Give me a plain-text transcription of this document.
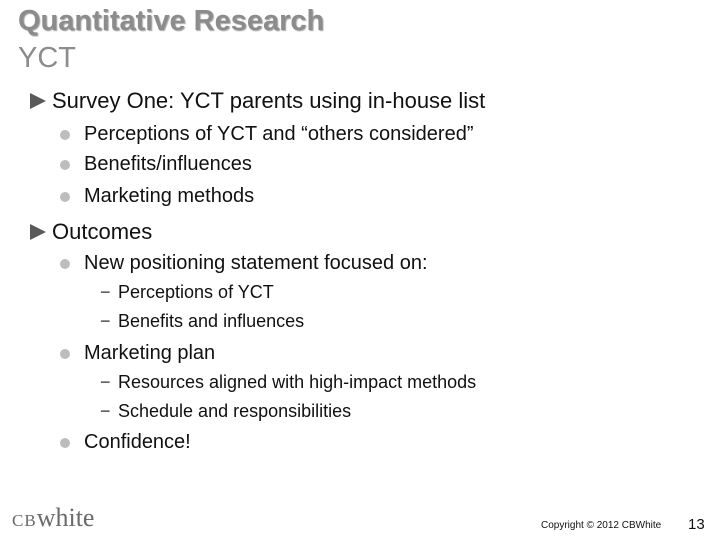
Quantitative Research
YCT
Survey One: YCT parents using in-house list
Perceptions of YCT and “others considered”
Benefits/influences
Marketing methods
Outcomes
New positioning statement focused on:
− Perceptions of YCT
− Benefits and influences
Marketing plan
− Resources aligned with high-impact methods
− Schedule and responsibilities
Confidence!
CBwhite	Copyright © 2012 CBWhite 13
